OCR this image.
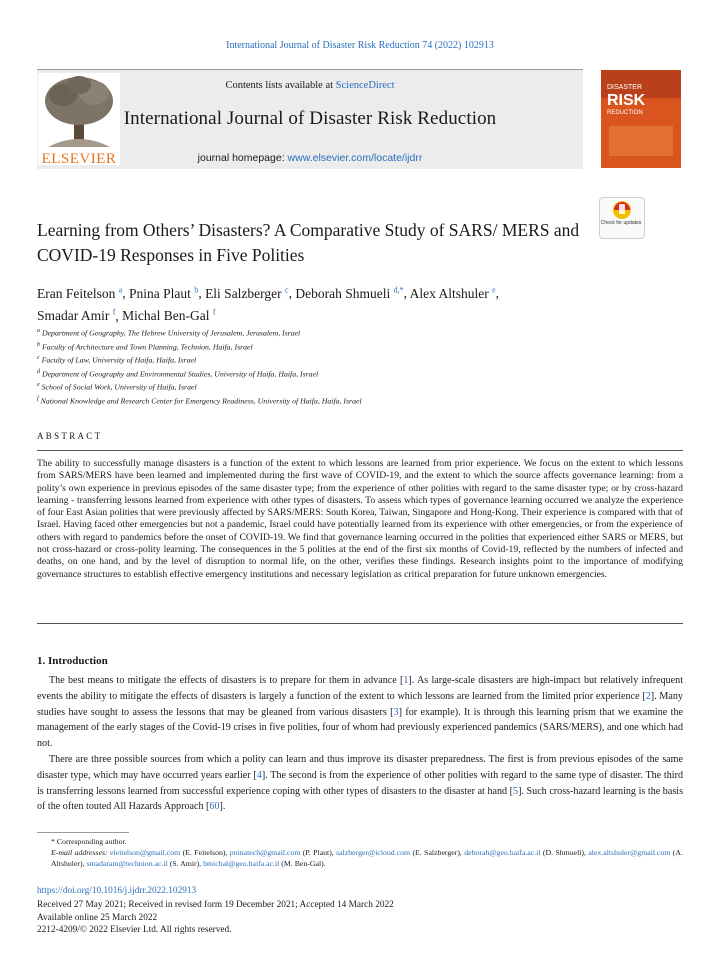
International Journal of Disaster Risk Reduction 74 (2022) 102913
ELSEVIER
Contents lists available at ScienceDirect
International Journal of Disaster Risk Reduction
journal homepage: www.elsevier.com/locate/ijdrr
DISASTER
RISK
REDUCTION
Check for updates
Learning from Others’ Disasters? A Comparative Study of SARS/ MERS and COVID-19 Responses in Five Polities
Eran Feitelson $^a$, Pnina Plaut $^b$, Eli Salzberger $^c$, Deborah Shmueli $^{d,*}$, Alex Altshuler $^e$,
Smadar Amir $^f$, Michal Ben-Gal $^f$
$^a$ Department of Geography, The Hebrew University of Jerusalem, Jerusalem, Israel
$^b$ Faculty of Architecture and Town Planning, Technion, Haifa, Israel
$^c$ Faculty of Law, University of Haifa, Haifa, Israel
$^d$ Department of Geography and Environmental Studies, University of Haifa, Haifa, Israel
$^e$ School of Social Work, University of Haifa, Israel
$^f$ National Knowledge and Research Center for Emergency Readiness, University of Haifa, Haifa, Israel
ABSTRACT
The ability to successfully manage disasters is a function of the extent to which lessons are learned from prior experience. We focus on the extent to which lessons from SARS/MERS have been learned and implemented during the first wave of COVID-19, and the extent to which the source affects governance learning: from a polity’s own experience in previous episodes of the same disaster type; from the experience of other polities with regard to the same disaster type; or by cross-hazard learning - transferring lessons learned from experience with other types of disasters. To assess which types of governance learning occurred we analyze the experience of four East Asian polities that were previously affected by SARS/MERS: South Korea, Taiwan, Singapore and Hong-Kong. Their experience is compared with that of Israel. Having faced other emergencies but not a pandemic, Israel could have potentially learned from its experience with other emergencies, or from the experience of others with regard to pandemics before the onset of COVID-19. We find that governance learning occurred in the polities that experienced either SARS or MERS, but not cross-hazard or cross-polity learning. The consequences in the 5 polities at the end of the first six months of Covid-19, reflected by the numbers of infected and deaths, on one hand, and by the level of disruption to normal life, on the other, verifies these findings. Research insights point to the importance of modifying governance structures to establish effective emergency institutions and necessary legislation as critical preparation for future unknown emergencies.
1. Introduction
The best means to mitigate the effects of disasters is to prepare for them in advance [1]. As large-scale disasters are high-impact but relatively infrequent events the ability to mitigate the effects of disasters is largely a function of the extent to which lessons are learned from the limited prior experience [2]. Many studies have sought to assess the lessons that may be gleaned from various disasters [3] for example). It is through this learning prism that we examine the management of the early stages of the Covid-19 crises in five polities, four of whom had previously experienced pandemics (SARS/MERS), and one which had not.
There are three possible sources from which a polity can learn and thus improve its disaster preparedness. The first is from previous episodes of the same disaster type, which may have occurred years earlier [4]. The second is from the experience of other polities with regard to the same type of disaster. The third is transferring lessons learned from successful experience coping with other types of disasters to the disaster at hand [5]. Such cross-hazard learning is the basis of the often touted All Hazards Approach [60].
* Corresponding author.
E-mail addresses: eleitelson@gmail.com (E. Feitelson), pninatech@gmail.com (P. Plaut), salzberger@icloud.com (E. Salzberger), deborah@geo.haifa.ac.il (D. Shmueli), alex.altshuler@gmail.com (A. Altshuler), smadaram@technion.ac.il (S. Amir), bmichal@geo.haifa.ac.il (M. Ben-Gal).
https://doi.org/10.1016/j.ijdrr.2022.102913
Received 27 May 2021; Received in revised form 19 December 2021; Accepted 14 March 2022
Available online 25 March 2022
2212-4209/© 2022 Elsevier Ltd. All rights reserved.
